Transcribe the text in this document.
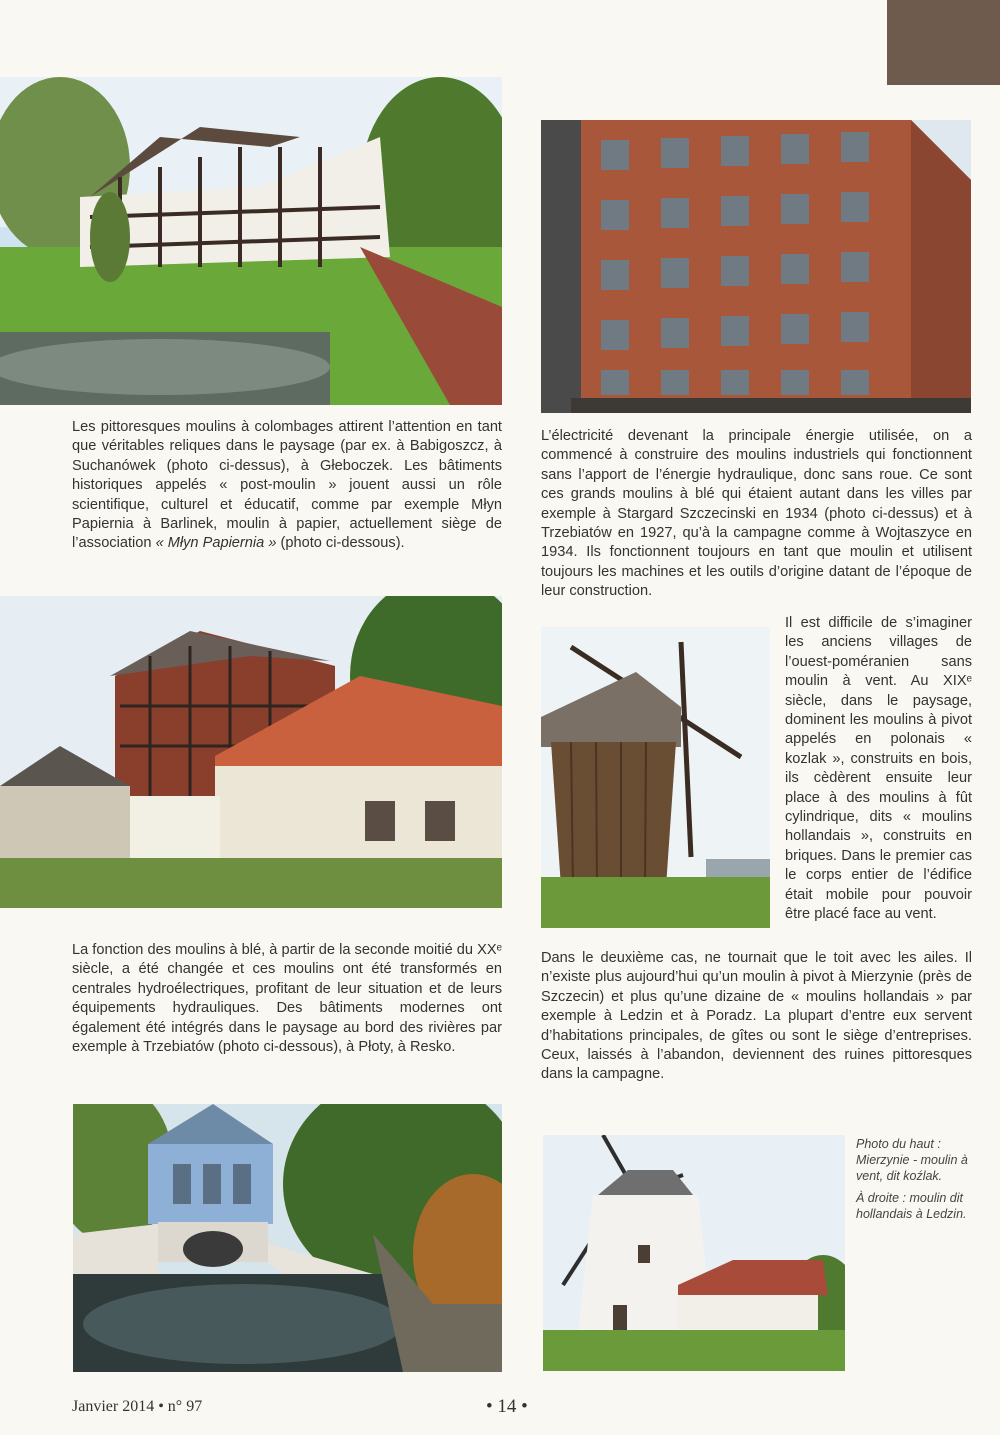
Les pittoresques moulins à colombages attirent l’attention en tant que véritables reliques dans le paysage (par ex. à Babigoszcz, à Suchanówek (photo ci-dessus), à Głeboczek. Les bâtiments historiques appelés « post-moulin » jouent aussi un rôle scientifique, culturel et éducatif, comme par exemple Młyn Papiernia à Barlinek, moulin à papier, actuellement siège de l’association « Młyn Papiernia » (photo ci-dessous).

L’électricité devenant la principale énergie utilisée, on a commencé à construire des moulins industriels qui fonctionnent sans l’apport de l’énergie hydraulique, donc sans roue. Ce sont ces grands moulins à blé qui étaient autant dans les villes par exemple à Stargard Szczecinski en 1934 (photo ci-dessus) et à Trzebiatów en 1927, qu’à la campagne comme à Wojtaszyce en 1934. Ils fonctionnent toujours en tant que moulin et utilisent toujours les machines et les outils d’origine datant de l’époque de leur construction.

Il est difficile de s’imaginer les anciens villages de l’ouest-poméranien sans moulin à vent. Au XIXᵉ siècle, dans le paysage, dominent les moulins à pivot appelés en polonais « kozlak », construits en bois, ils cèdèrent ensuite leur place à des moulins à fût cylindrique, dits « moulins hollandais », construits en briques. Dans le premier cas le corps entier de l’édifice était mobile pour pouvoir être placé face au vent.

La fonction des moulins à blé, à partir de la seconde moitié du XXᵉ siècle, a été changée et ces moulins ont été transformés en centrales hydroélectriques, profitant de leur situation et de leurs équipements hydrauliques. Des bâtiments modernes ont également été intégrés dans le paysage au bord des rivières par exemple à Trzebiatów (photo ci-dessous), à Płoty, à Resko.

Dans le deuxième cas, ne tournait que le toit avec les ailes. Il n’existe plus aujourd’hui qu’un moulin à pivot à Mierzynie (près de Szczecin) et plus qu’une dizaine de « moulins hollandais » par exemple à Ledzin et à Poradz. La plupart d’entre eux servent d’habitations principales, de gîtes ou sont le siège d’entreprises. Ceux, laissés à l’abandon, deviennent des ruines pittoresques dans la campagne.

Photo du haut : Mierzynie - moulin à vent, dit koźlak.

À droite : moulin dit hollandais à Ledzin.

Janvier 2014 • n° 97	• 14 •
